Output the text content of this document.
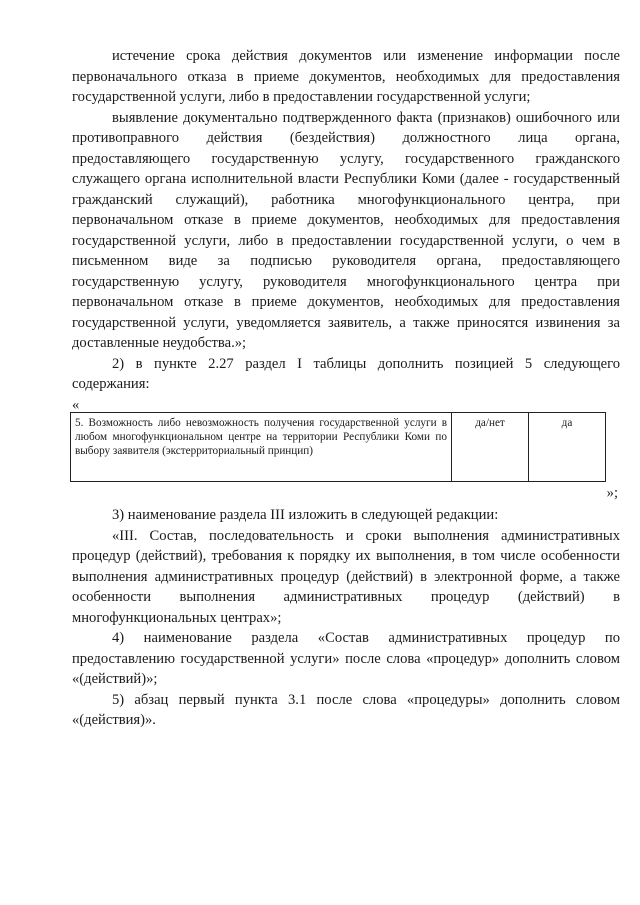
истечение срока действия документов или изменение информации после первоначального отказа в приеме документов, необходимых для предоставления государственной услуги, либо в предоставлении государственной услуги;

выявление документально подтвержденного факта (признаков) ошибочного или противоправного действия (бездействия) должностного лица органа, предоставляющего государственную услугу, государственного гражданского служащего органа исполнительной власти Республики Коми (далее - государственный гражданский служащий), работника многофункционального центра, при первоначальном отказе в приеме документов, необходимых для предоставления государственной услуги, либо в предоставлении государственной услуги, о чем в письменном виде за подписью руководителя органа, предоставляющего государственную услугу, руководителя многофункционального центра при первоначальном отказе в приеме документов, необходимых для предоставления государственной услуги, уведомляется заявитель, а также приносятся извинения за доставленные неудобства.»;

2) в пункте 2.27 раздел I таблицы дополнить позицией 5 следующего содержания:

«
5. Возможность либо невозможность получения государственной услуги в любом многофункциональном центре на территории Республики Коми по выбору заявителя (экстерриториальный принцип)	да/нет	да
»;

3) наименование раздела III изложить в следующей редакции:

«III. Состав, последовательность и сроки выполнения административных процедур (действий), требования к порядку их выполнения, в том числе особенности выполнения административных процедур (действий) в электронной форме, а также особенности выполнения административных процедур (действий) в многофункциональных центрах»;

4) наименование раздела «Состав административных процедур по предоставлению государственной услуги» после слова «процедур» дополнить словом «(действий)»;

5) абзац первый пункта 3.1 после слова «процедуры» дополнить словом «(действия)».
